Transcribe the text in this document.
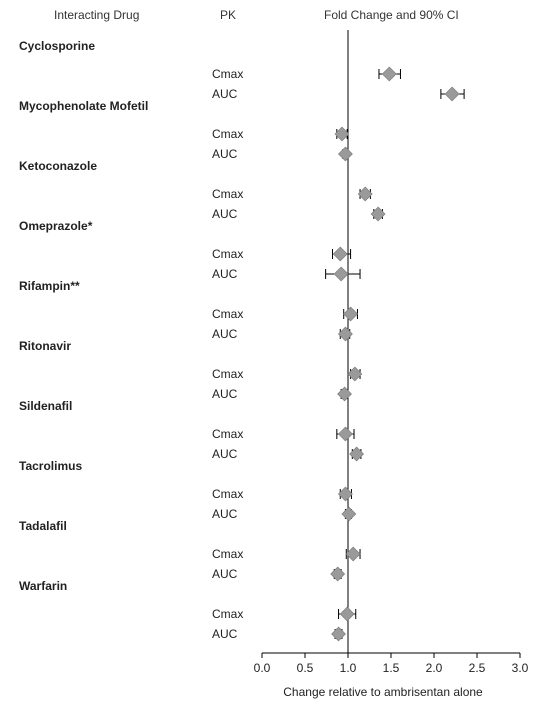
Interacting Drug	PK	Fold Change and 90% CI
Cyclosporine
Mycophenolate Mofetil
Ketoconazole
Omeprazole*
Rifampin**
Ritonavir
Sildenafil
Tacrolimus
Tadalafil
Warfarin
Cmax
AUC
Cmax
AUC
Cmax
AUC
Cmax
AUC
Cmax
AUC
Cmax
AUC
Cmax
AUC
Cmax
AUC
Cmax
AUC
Cmax
AUC
0.0 0.5 1.0 1.5 2.0 2.5 3.0
Change relative to ambrisentan alone
